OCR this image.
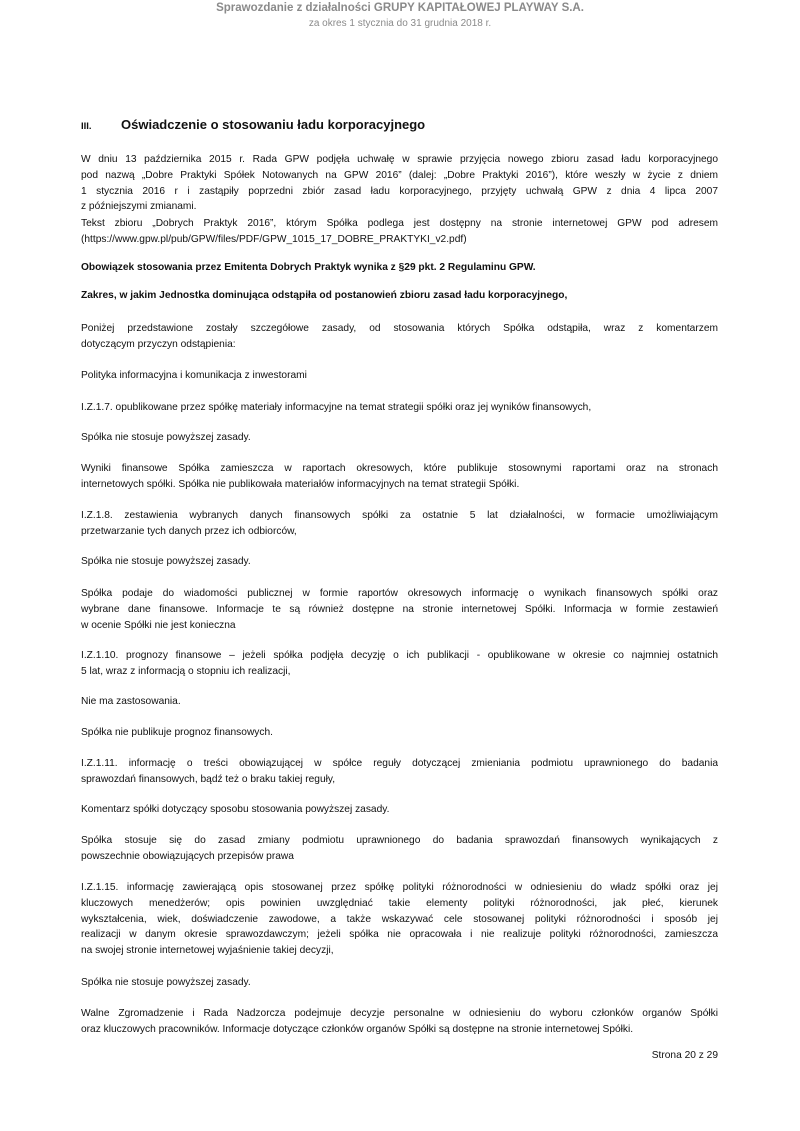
Sprawozdanie z działalności GRUPY KAPITAŁOWEJ PLAYWAY S.A.
za okres 1 stycznia do 31 grudnia 2018 r.
III. Oświadczenie o stosowaniu ładu korporacyjnego
W dniu 13 października 2015 r. Rada GPW podjęła uchwałę w sprawie przyjęcia nowego zbioru zasad ładu korporacyjnego
pod nazwą „Dobre Praktyki Spółek Notowanych na GPW 2016” (dalej: „Dobre Praktyki 2016”), które weszły w życie z dniem
1 stycznia 2016 r i zastąpiły poprzedni zbiór zasad ładu korporacyjnego, przyjęty uchwałą GPW z dnia 4 lipca 2007
z późniejszymi zmianami.
Tekst zbioru „Dobrych Praktyk 2016”, którym Spółka podlega jest dostępny na stronie internetowej GPW pod adresem
(https://www.gpw.pl/pub/GPW/files/PDF/GPW_1015_17_DOBRE_PRAKTYKI_v2.pdf)
Obowiązek stosowania przez Emitenta Dobrych Praktyk wynika z §29 pkt. 2 Regulaminu GPW.
Zakres, w jakim Jednostka dominująca odstąpiła od postanowień zbioru zasad ładu korporacyjnego,
Poniżej przedstawione zostały szczegółowe zasady, od stosowania których Spółka odstąpiła, wraz z komentarzem
dotyczącym przyczyn odstąpienia:
Polityka informacyjna i komunikacja z inwestorami
I.Z.1.7. opublikowane przez spółkę materiały informacyjne na temat strategii spółki oraz jej wyników finansowych,
Spółka nie stosuje powyższej zasady.
Wyniki finansowe Spółka zamieszcza w raportach okresowych, które publikuje stosownymi raportami oraz na stronach
internetowych spółki. Spółka nie publikowała materiałów informacyjnych na temat strategii Spółki.
I.Z.1.8. zestawienia wybranych danych finansowych spółki za ostatnie 5 lat działalności, w formacie umożliwiającym
przetwarzanie tych danych przez ich odbiorców,
Spółka nie stosuje powyższej zasady.
Spółka podaje do wiadomości publicznej w formie raportów okresowych informację o wynikach finansowych spółki oraz
wybrane dane finansowe. Informacje te są również dostępne na stronie internetowej Spółki. Informacja w formie zestawień
w ocenie Spółki nie jest konieczna
I.Z.1.10. prognozy finansowe – jeżeli spółka podjęła decyzję o ich publikacji - opublikowane w okresie co najmniej ostatnich
5 lat, wraz z informacją o stopniu ich realizacji,
Nie ma zastosowania.
Spółka nie publikuje prognoz finansowych.
I.Z.1.11. informację o treści obowiązującej w spółce reguły dotyczącej zmieniania podmiotu uprawnionego do badania
sprawozdań finansowych, bądź też o braku takiej reguły,
Komentarz spółki dotyczący sposobu stosowania powyższej zasady.
Spółka stosuje się do zasad zmiany podmiotu uprawnionego do badania sprawozdań finansowych wynikających z
powszechnie obowiązujących przepisów prawa
I.Z.1.15. informację zawierającą opis stosowanej przez spółkę polityki różnorodności w odniesieniu do władz spółki oraz jej
kluczowych menedżerów; opis powinien uwzględniać takie elementy polityki różnorodności, jak płeć, kierunek
wykształcenia, wiek, doświadczenie zawodowe, a także wskazywać cele stosowanej polityki różnorodności i sposób jej
realizacji w danym okresie sprawozdawczym; jeżeli spółka nie opracowała i nie realizuje polityki różnorodności, zamieszcza
na swojej stronie internetowej wyjaśnienie takiej decyzji,
Spółka nie stosuje powyższej zasady.
Walne Zgromadzenie i Rada Nadzorcza podejmuje decyzje personalne w odniesieniu do wyboru członków organów Spółki
oraz kluczowych pracowników. Informacje dotyczące członków organów Spółki są dostępne na stronie internetowej Spółki.
Strona 20 z 29
